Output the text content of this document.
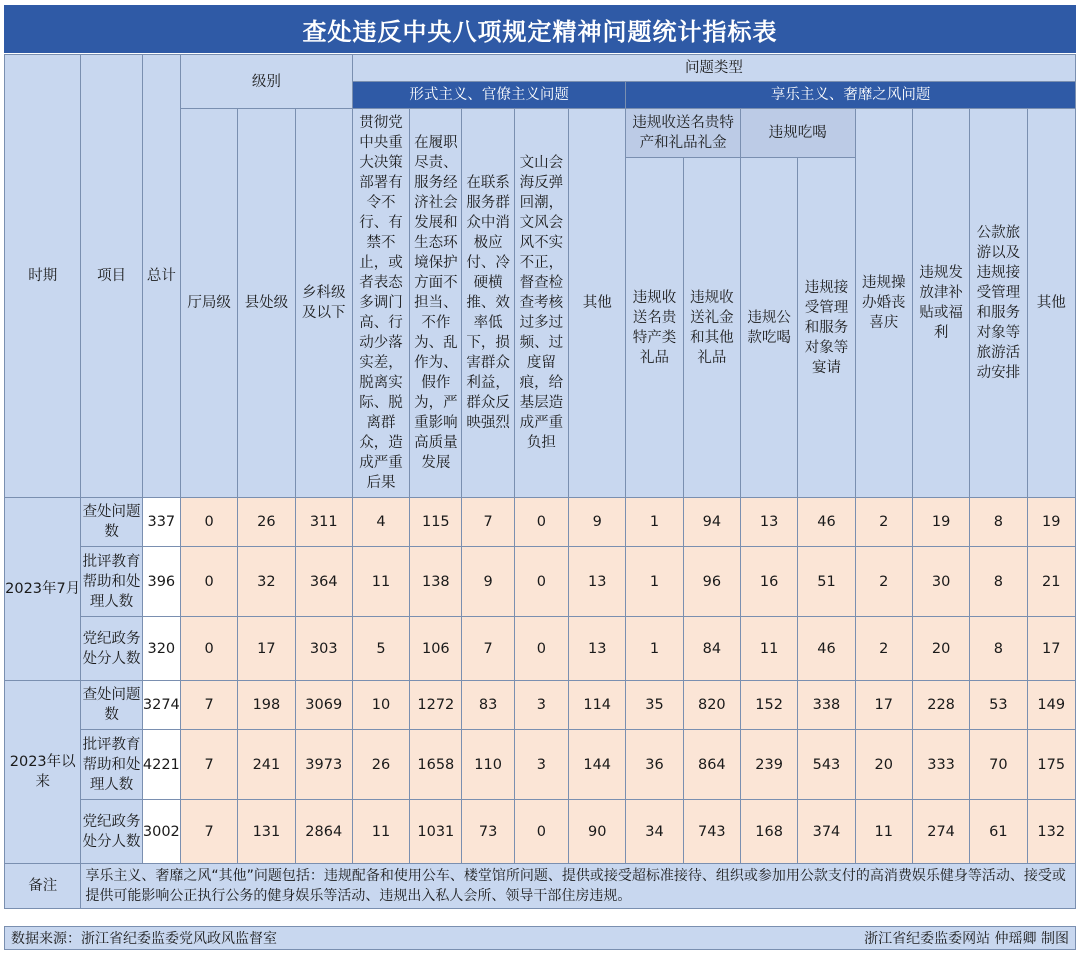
查处违反中央八项规定精神问题统计指标表
时期	项目	总计	级别			问题类型												
						形式主义、官僚主义问题					享乐主义、奢靡之风问题							
			厅局级	县处级	乡科级及以下	贯彻党中央重大决策部署有令不行、有禁不止，或者表态多调门高、行动少落实差，脱离实际、脱离群众，造成严重后果	在履职尽责、服务经济社会发展和生态环境保护方面不担当、不作为、乱作为、假作为，严重影响高质量发展	在联系服务群众中消极应付、冷硬横推、效率低下，损害群众利益，群众反映强烈	文山会海反弹回潮，文风会风不实不正，督查检查考核过多过频、过度留痕，给基层造成严重负担	其他	违规收送名贵特产和礼品礼金		违规吃喝		违规操办婚丧喜庆	违规发放津补贴或福利	公款旅游以及违规接受管理和服务对象等旅游活动安排	其他
											违规收送名贵特产类礼品	违规收送礼金和其他礼品	违规公款吃喝	违规接受管理和服务对象等宴请				
2023年7月	查处问题数	337	0	26	311	4	115	7	0	9	1	94	13	46	2	19	8	19
	批评教育帮助和处理人数	396	0	32	364	11	138	9	0	13	1	96	16	51	2	30	8	21
	党纪政务处分人数	320	0	17	303	5	106	7	0	13	1	84	11	46	2	20	8	17
2023年以来	查处问题数	3274	7	198	3069	10	1272	83	3	114	35	820	152	338	17	228	53	149
	批评教育帮助和处理人数	4221	7	241	3973	26	1658	110	3	144	36	864	239	543	20	333	70	175
	党纪政务处分人数	3002	7	131	2864	11	1031	73	0	90	34	743	168	374	11	274	61	132
备注	享乐主义、奢靡之风“其他”问题包括：违规配备和使用公车、楼堂馆所问题、提供或接受超标准接待、组织或参加用公款支付的高消费娱乐健身等活动、接受或提供可能影响公正执行公务的健身娱乐等活动、违规出入私人会所、领导干部住房违规。																	
数据来源：浙江省纪委监委党风政风监督室	浙江省纪委监委网站 仲瑶卿 制图
